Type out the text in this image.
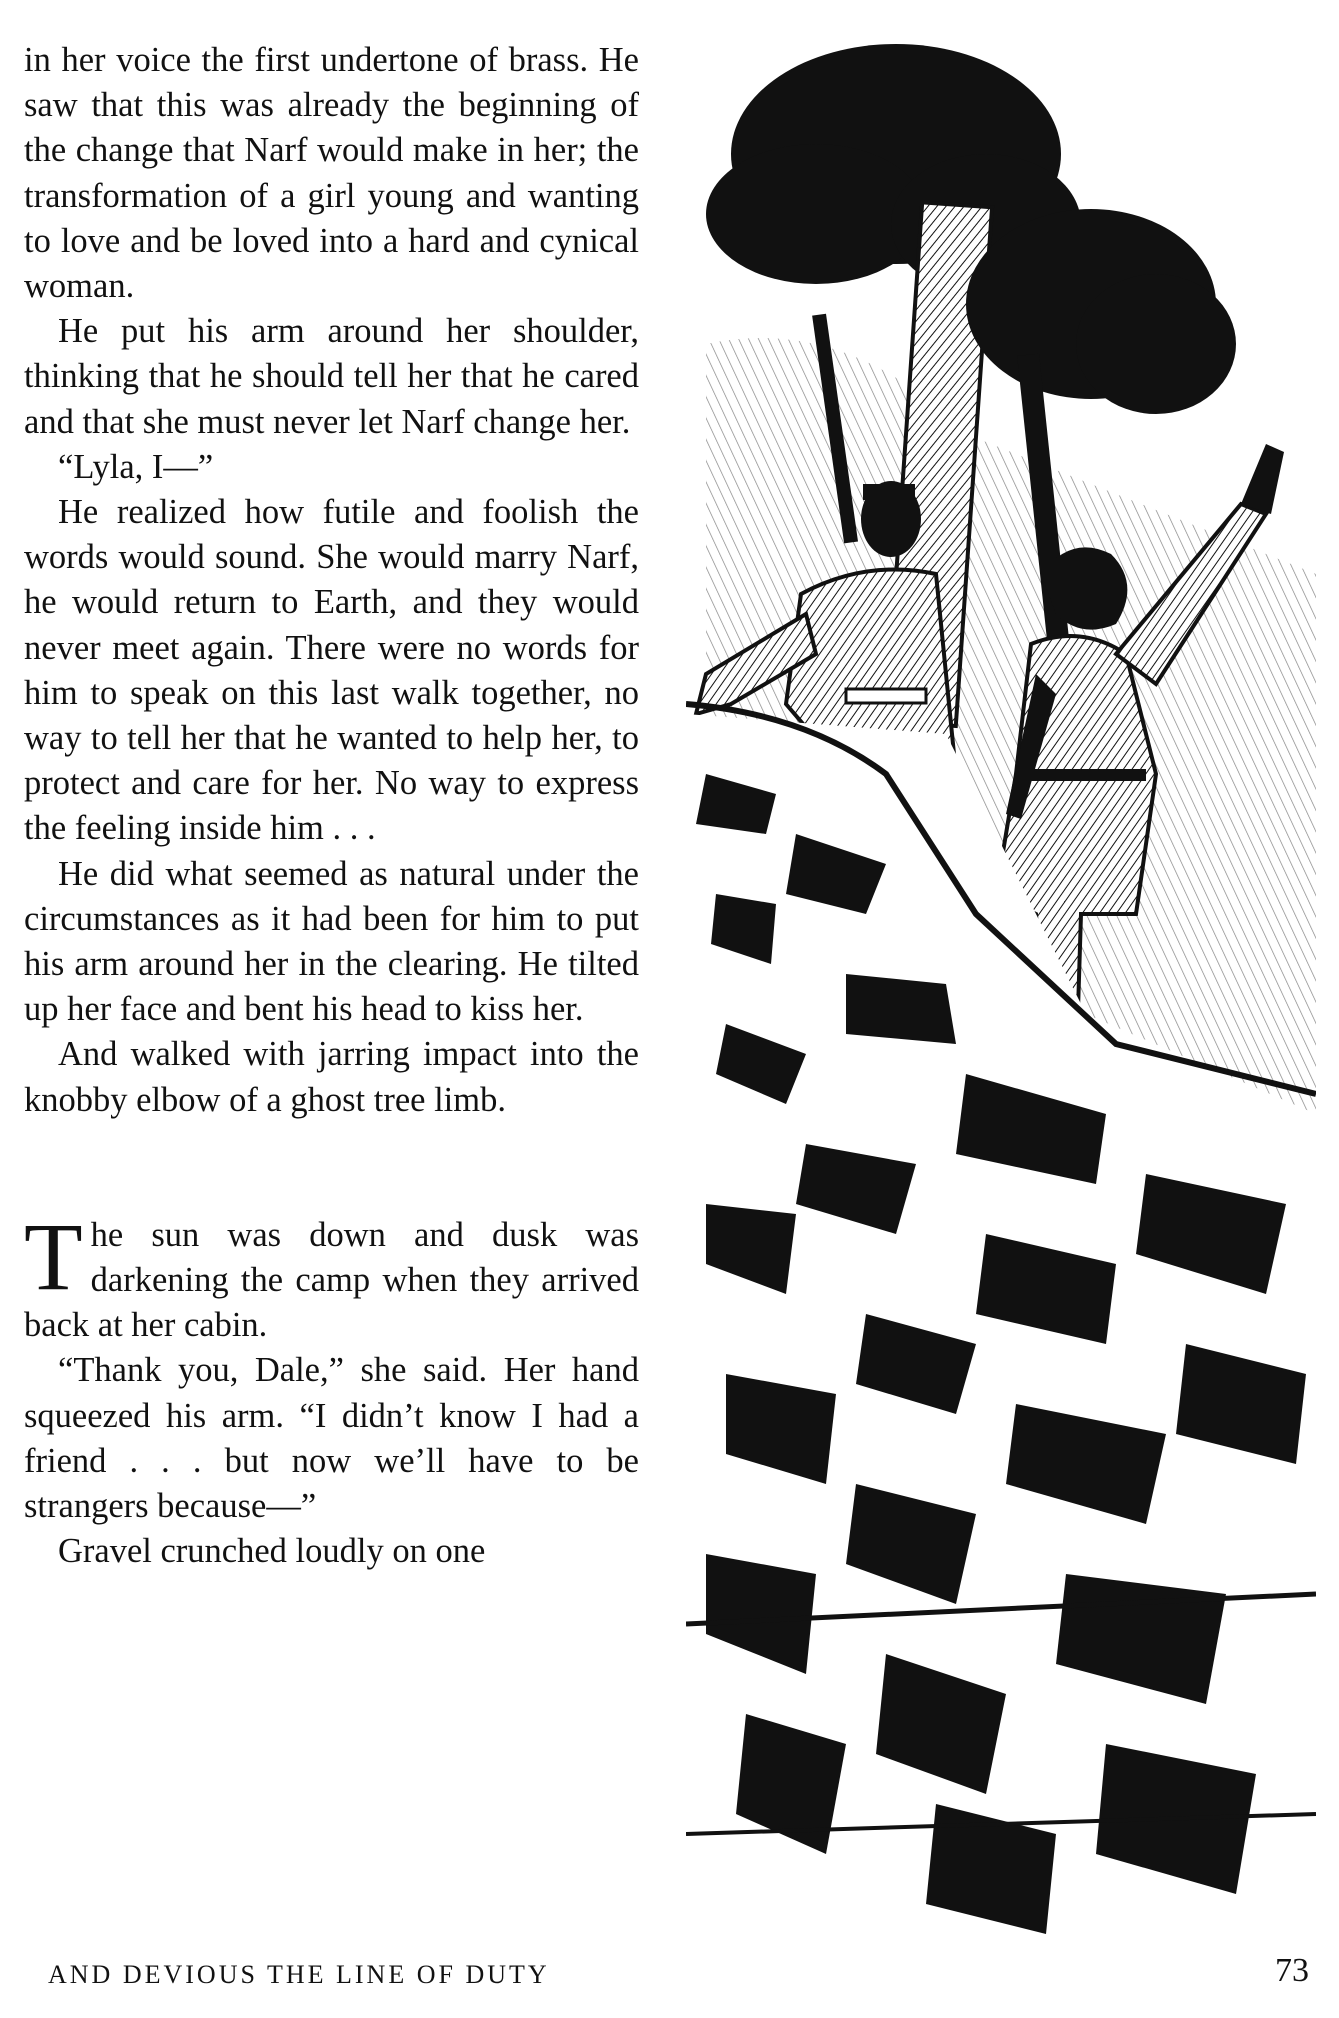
in her voice the first undertone of brass. He saw that this was already the beginning of the change that Narf would make in her; the transformation of a girl young and wanting to love and be loved into a hard and cynical woman.

He put his arm around her shoulder, thinking that he should tell her that he cared and that she must never let Narf change her.

“Lyla, I—”

He realized how futile and foolish the words would sound. She would marry Narf, he would return to Earth, and they would never meet again. There were no words for him to speak on this last walk together, no way to tell her that he wanted to help her, to protect and care for her. No way to express the feeling inside him . . .

He did what seemed as natural under the circumstances as it had been for him to put his arm around her in the clearing. He tilted up her face and bent his head to kiss her.

And walked with jarring impact into the knobby elbow of a ghost tree limb.

The sun was down and dusk was darkening the camp when they arrived back at her cabin.

“Thank you, Dale,” she said. Her hand squeezed his arm. “I didn’t know I had a friend . . . but now we’ll have to be strangers because—”

Gravel crunched loudly on one	GLS
AND DEVIOUS THE LINE OF DUTY	73
